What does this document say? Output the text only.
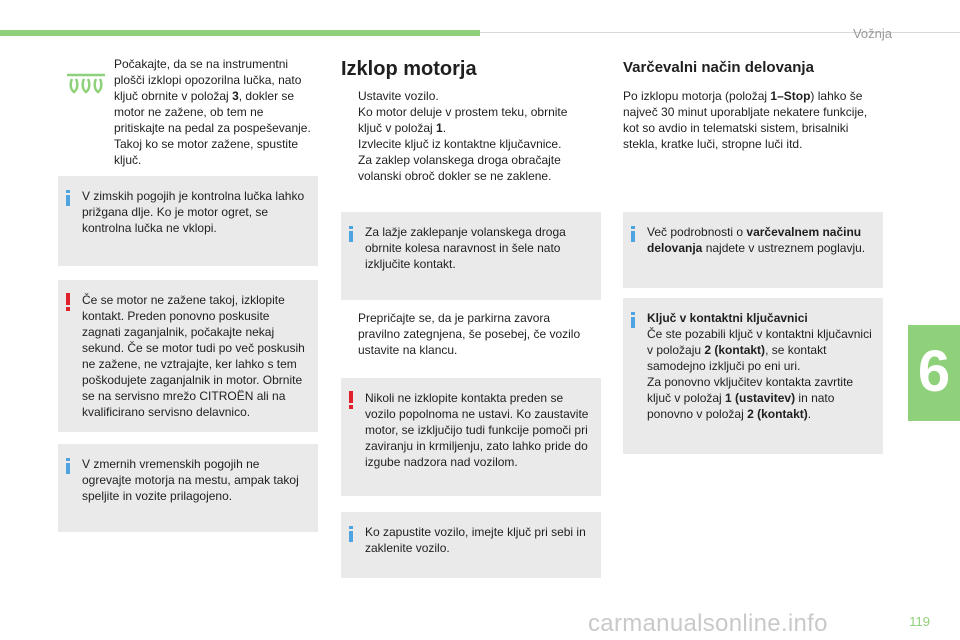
Vožnja
6
Počakajte, da se na instrumentni plošči izklopi opozorilna lučka, nato ključ obrnite v položaj 3, dokler se motor ne zažene, ob tem ne pritiskajte na pedal za pospeševanje. Takoj ko se motor zažene, spustite ključ.
V zimskih pogojih je kontrolna lučka lahko prižgana dlje. Ko je motor ogret, se kontrolna lučka ne vklopi.
Če se motor ne zažene takoj, izklopite kontakt. Preden ponovno poskusite zagnati zaganjalnik, počakajte nekaj sekund. Če se motor tudi po več poskusih ne zažene, ne vztrajajte, ker lahko s tem poškodujete zaganjalnik in motor. Obrnite se na servisno mrežo CITROËN ali na kvalificirano servisno delavnico.
V zmernih vremenskih pogojih ne ogrevajte motorja na mestu, ampak takoj speljite in vozite prilagojeno.
Izklop motorja
Ustavite vozilo.
Ko motor deluje v prostem teku, obrnite ključ v položaj 1.
Izvlecite ključ iz kontaktne ključavnice.
Za zaklep volanskega droga obračajte volanski obroč dokler se ne zaklene.
Za lažje zaklepanje volanskega droga obrnite kolesa naravnost in šele nato izključite kontakt.
Prepričajte se, da je parkirna zavora pravilno zategnjena, še posebej, če vozilo ustavite na klancu.
Nikoli ne izklopite kontakta preden se vozilo popolnoma ne ustavi. Ko zaustavite motor, se izključijo tudi funkcije pomoči pri zaviranju in krmiljenju, zato lahko pride do izgube nadzora nad vozilom.
Ko zapustite vozilo, imejte ključ pri sebi in zaklenite vozilo.
Varčevalni način delovanja
Po izklopu motorja (položaj 1–Stop) lahko še največ 30 minut uporabljate nekatere funkcije, kot so avdio in telematski sistem, brisalniki stekla, kratke luči, stropne luči itd.
Več podrobnosti o varčevalnem načinu delovanja najdete v ustreznem poglavju.
Ključ v kontaktni ključavnici
Če ste pozabili ključ v kontaktni ključavnici v položaju 2 (kontakt), se kontakt samodejno izključi po eni uri.
Za ponovno vključitev kontakta zavrtite ključ v položaj 1 (ustavitev) in nato ponovno v položaj 2 (kontakt).
carmanualsonline.info	119
